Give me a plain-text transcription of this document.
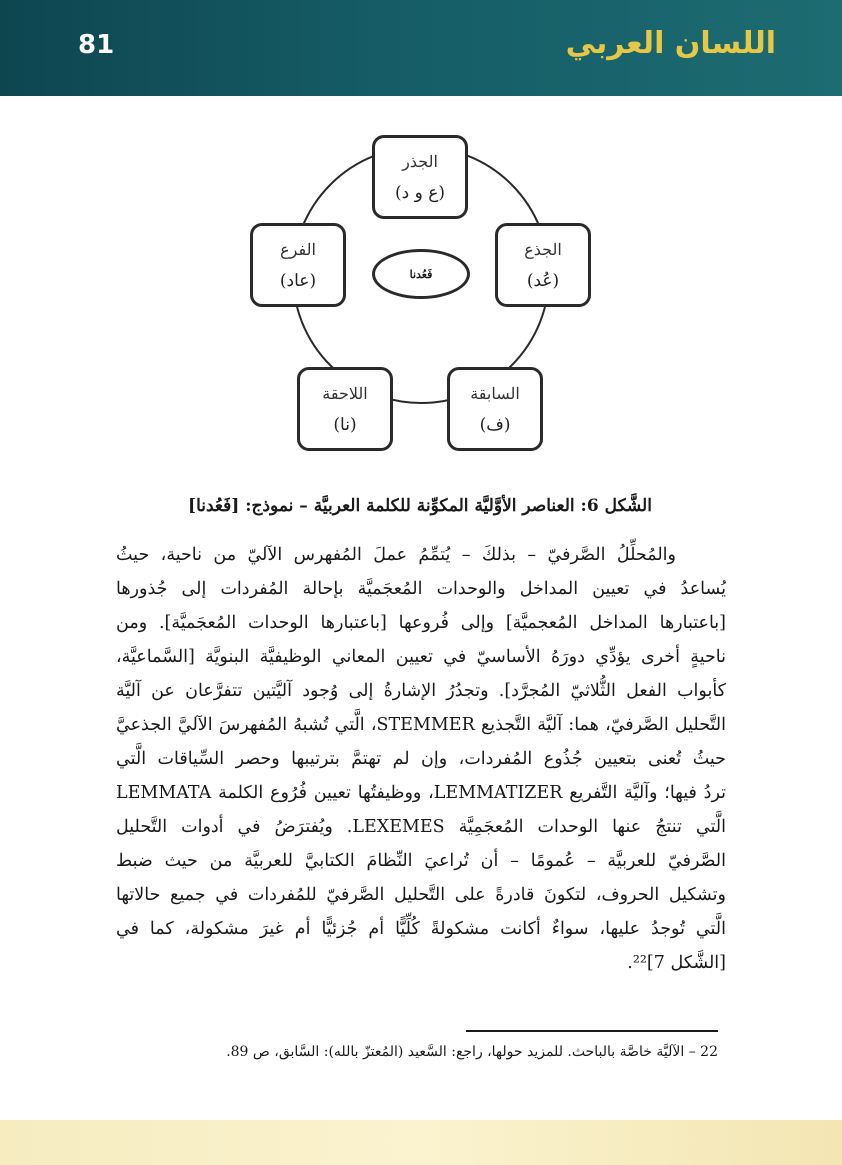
81	اللسان العربي
الجذر
(ع و د)
الجذع
(عُد)
السابقة
(ف)
اللاحقة
(نا)
الفرع
(عاد)	فَعُدنا
الشَّكل 6: العناصر الأوَّليَّة المكوِّنة للكلمة العربيَّة – نموذج: [فَعُدنا]
والمُحلِّلُ الصَّرفيّ – بذلكَ – يُتمِّمُ عملَ المُفهرس الآليّ من ناحية، حيثُ
يُساعدُ في تعيين المداخل والوحدات المُعجَميَّة بإحالة المُفردات إلى جُذورها
[باعتبارها المداخل المُعجميَّة] وإلى فُروعها [باعتبارها الوحدات المُعجَميَّة]. ومن
ناحيةٍ أخرى يؤدِّي دورَهُ الأساسيّ في تعيين المعاني الوظيفيَّة البنويَّة [السَّماعيَّة،
كأبواب الفعل الثُّلاثيّ المُجرَّد]. وتجدُرُ الإشارةُ إلى وُجود آليَّتين تتفرَّعان عن آليَّة
التَّحليل الصَّرفيّ، هما: آليَّة التَّجذيع STEMMER، الَّتي تُشبهُ المُفهرسَ الآليَّ الجذعيَّ
حيثُ تُعنى بتعيين جُذُوع المُفردات، وإن لم تهتمَّ بترتيبها وحصر السِّياقات الَّتي
تردُ فيها؛ وآليَّة التَّفريع LEMMATIZER، ووظيفتُها تعيين فُرُوع الكلمة LEMMATA
الَّتي تنتجُ عنها الوحدات المُعجَمِيَّة LEXEMES. ويُفترَضُ في أدوات التَّحليل
الصَّرفيّ للعربيَّة – عُمومًا – أن تُراعيَ النِّظامَ الكتابيَّ للعربيَّة من حيث ضبط
وتشكيل الحروف، لتكونَ قادرةً على التَّحليل الصَّرفيّ للمُفردات في جميع حالاتها
الَّتي تُوجدُ عليها، سواءٌ أكانت مشكولةً كُلِّيًّا أم جُزئيًّا أم غيرَ مشكولة، كما في
[الشَّكل 7]²².
22 – الآليَّة خاصَّة بالباحث. للمزيد حولها، راجع: السَّعيد (المُعتزّ بالله): السَّابق، ص 89.
